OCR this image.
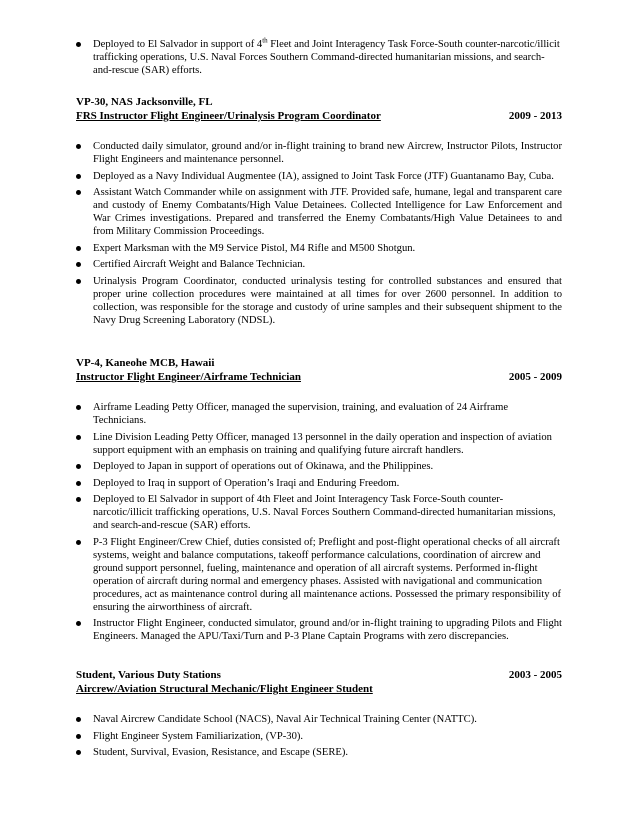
Deployed to El Salvador in support of 4th Fleet and Joint Interagency Task Force-South counter-narcotic/illicit trafficking operations, U.S. Naval Forces Southern Command-directed humanitarian missions, and search-and-rescue (SAR) efforts.
VP-30, NAS Jacksonville, FL
FRS Instructor Flight Engineer/Urinalysis Program Coordinator	2009 - 2013
Conducted daily simulator, ground and/or in-flight training to brand new Aircrew, Instructor Pilots, Instructor Flight Engineers and maintenance personnel.
Deployed as a Navy Individual Augmentee (IA), assigned to Joint Task Force (JTF) Guantanamo Bay, Cuba.
Assistant Watch Commander while on assignment with JTF. Provided safe, humane, legal and transparent care and custody of Enemy Combatants/High Value Detainees. Collected Intelligence for Law Enforcement and War Crimes investigations. Prepared and transferred the Enemy Combatants/High Value Detainees to and from Military Commission Proceedings.
Expert Marksman with the M9 Service Pistol, M4 Rifle and M500 Shotgun.
Certified Aircraft Weight and Balance Technician.
Urinalysis Program Coordinator, conducted urinalysis testing for controlled substances and ensured that proper urine collection procedures were maintained at all times for over 2600 personnel. In addition to collection, was responsible for the storage and custody of urine samples and their subsequent shipment to the Navy Drug Screening Laboratory (NDSL).
VP-4, Kaneohe MCB, Hawaii
Instructor Flight Engineer/Airframe Technician	2005 - 2009
Airframe Leading Petty Officer, managed the supervision, training, and evaluation of 24 Airframe Technicians.
Line Division Leading Petty Officer, managed 13 personnel in the daily operation and inspection of aviation support equipment with an emphasis on training and qualifying future aircraft handlers.
Deployed to Japan in support of operations out of Okinawa, and the Philippines.
Deployed to Iraq in support of Operation’s Iraqi and Enduring Freedom.
Deployed to El Salvador in support of 4th Fleet and Joint Interagency Task Force-South counter-narcotic/illicit trafficking operations, U.S. Naval Forces Southern Command-directed humanitarian missions, and search-and-rescue (SAR) efforts.
P-3 Flight Engineer/Crew Chief, duties consisted of; Preflight and post-flight operational checks of all aircraft systems, weight and balance computations, takeoff performance calculations, coordination of aircrew and ground support personnel, fueling, maintenance and operation of all aircraft systems. Performed in-flight operation of aircraft during normal and emergency phases. Assisted with navigational and communication procedures, act as maintenance control during all maintenance actions. Possessed the primary responsibility of ensuring the airworthiness of aircraft.
Instructor Flight Engineer, conducted simulator, ground and/or in-flight training to upgrading Pilots and Flight Engineers. Managed the APU/Taxi/Turn and P-3 Plane Captain Programs with zero discrepancies.
Student, Various Duty Stations	2003 - 2005
Aircrew/Aviation Structural Mechanic/Flight Engineer Student
Naval Aircrew Candidate School (NACS), Naval Air Technical Training Center (NATTC).
Flight Engineer System Familiarization, (VP-30).
Student, Survival, Evasion, Resistance, and Escape (SERE).
